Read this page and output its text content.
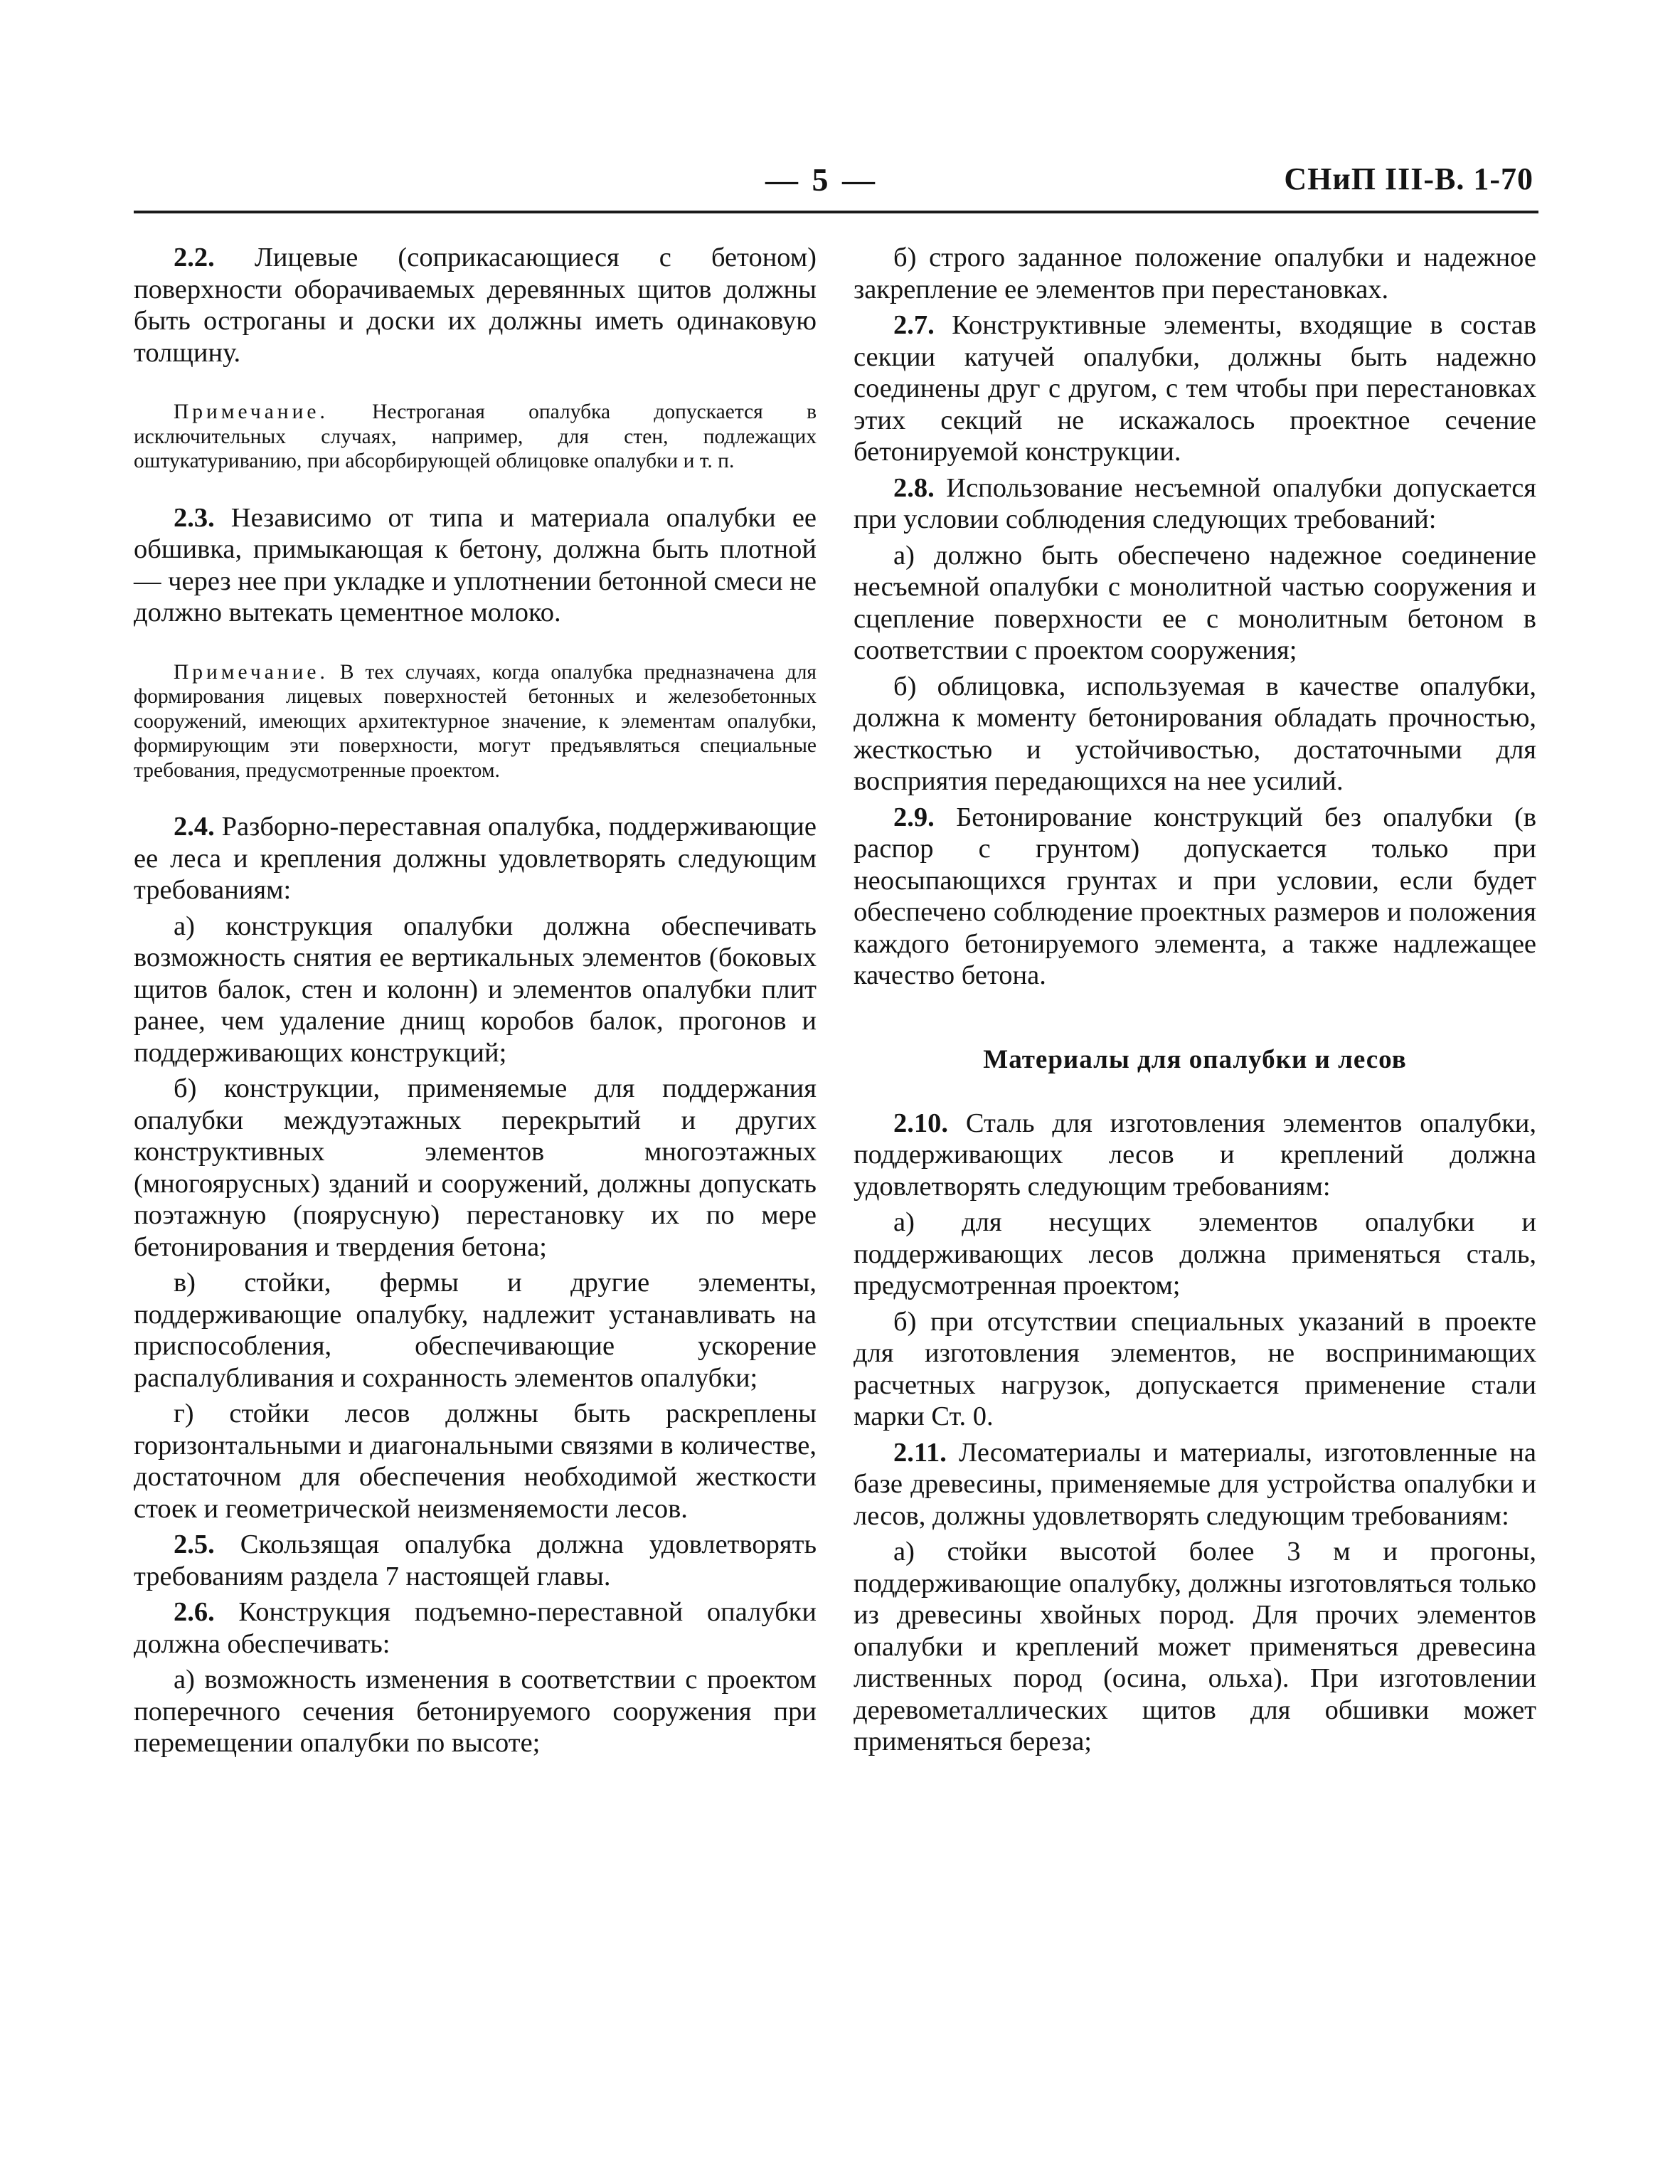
— 5 —	СНиП III-В. 1-70

2.2. Лицевые (соприкасающиеся с бетоном) поверхности оборачиваемых деревянных щитов должны быть острoганы и доски их должны иметь одинаковую толщину.

Примечание. Нестроганая опалубка допускается в исключительных случаях, например, для стен, подлежащих оштукатуриванию, при абсорбирующей облицовке опалубки и т. п.

2.3. Независимо от типа и материала опалубки ее обшивка, примыкающая к бетону, должна быть плотной — через нее при укладке и уплотнении бетонной смеси не должно вытекать цементное молоко.

Примечание. В тех случаях, когда опалубка предназначена для формирования лицевых поверхностей бетонных и железобетонных сооружений, имеющих архитектурное значение, к элементам опалубки, формирующим эти поверхности, могут предъявляться специальные требования, предусмотренные проектом.

2.4. Разборно-переставная опалубка, поддерживающие ее леса и крепления должны удовлетворять следующим требованиям:

а) конструкция опалубки должна обеспечивать возможность снятия ее вертикальных элементов (боковых щитов балок, стен и колонн) и элементов опалубки плит ранее, чем удаление днищ коробов балок, прогонов и поддерживающих конструкций;

б) конструкции, применяемые для поддержания опалубки междуэтажных перекрытий и других конструктивных элементов многоэтажных (многоярусных) зданий и сооружений, должны допускать поэтажную (поярусную) перестановку их по мере бетонирования и твердения бетона;

в) стойки, фермы и другие элементы, поддерживающие опалубку, надлежит устанавливать на приспособления, обеспечивающие ускорение распалубливания и сохранность элементов опалубки;

г) стойки лесов должны быть раскреплены горизонтальными и диагональными связями в количестве, достаточном для обеспечения необходимой жесткости стоек и геометрической неизменяемости лесов.

2.5. Скользящая опалубка должна удовлетворять требованиям раздела 7 настоящей главы.

2.6. Конструкция подъемно-переставной опалубки должна обеспечивать:

а) возможность изменения в соответствии с проектом поперечного сечения бетонируемого сооружения при перемещении опалубки по высоте;

б) строго заданное положение опалубки и надежное закрепление ее элементов при перестановках.

2.7. Конструктивные элементы, входящие в состав секции катучей опалубки, должны быть надежно соединены друг с другом, с тем чтобы при перестановках этих секций не искажалось проектное сечение бетонируемой конструкции.

2.8. Использование несъемной опалубки допускается при условии соблюдения следующих требований:

а) должно быть обеспечено надежное соединение несъемной опалубки с монолитной частью сооружения и сцепление поверхности ее с монолитным бетоном в соответствии с проектом сооружения;

б) облицовка, используемая в качестве опалубки, должна к моменту бетонирования обладать прочностью, жесткостью и устойчивостью, достаточными для восприятия передающихся на нее усилий.

2.9. Бетонирование конструкций без опалубки (в распор с грунтом) допускается только при неосыпающихся грунтах и при условии, если будет обеспечено соблюдение проектных размеров и положения каждого бетонируемого элемента, а также надлежащее качество бетона.

Материалы для опалубки и лесов

2.10. Сталь для изготовления элементов опалубки, поддерживающих лесов и креплений должна удовлетворять следующим требованиям:

а) для несущих элементов опалубки и поддерживающих лесов должна применяться сталь, предусмотренная проектом;

б) при отсутствии специальных указаний в проекте для изготовления элементов, не воспринимающих расчетных нагрузок, допускается применение стали марки Ст. 0.

2.11. Лесоматериалы и материалы, изготовленные на базе древесины, применяемые для устройства опалубки и лесов, должны удовлетворять следующим требованиям:

а) стойки высотой более 3 м и прогоны, поддерживающие опалубку, должны изготовляться только из древесины хвойных пород. Для прочих элементов опалубки и креплений может применяться древесина лиственных пород (осина, ольха). При изготовлении деревометаллических щитов для обшивки может применяться береза;
